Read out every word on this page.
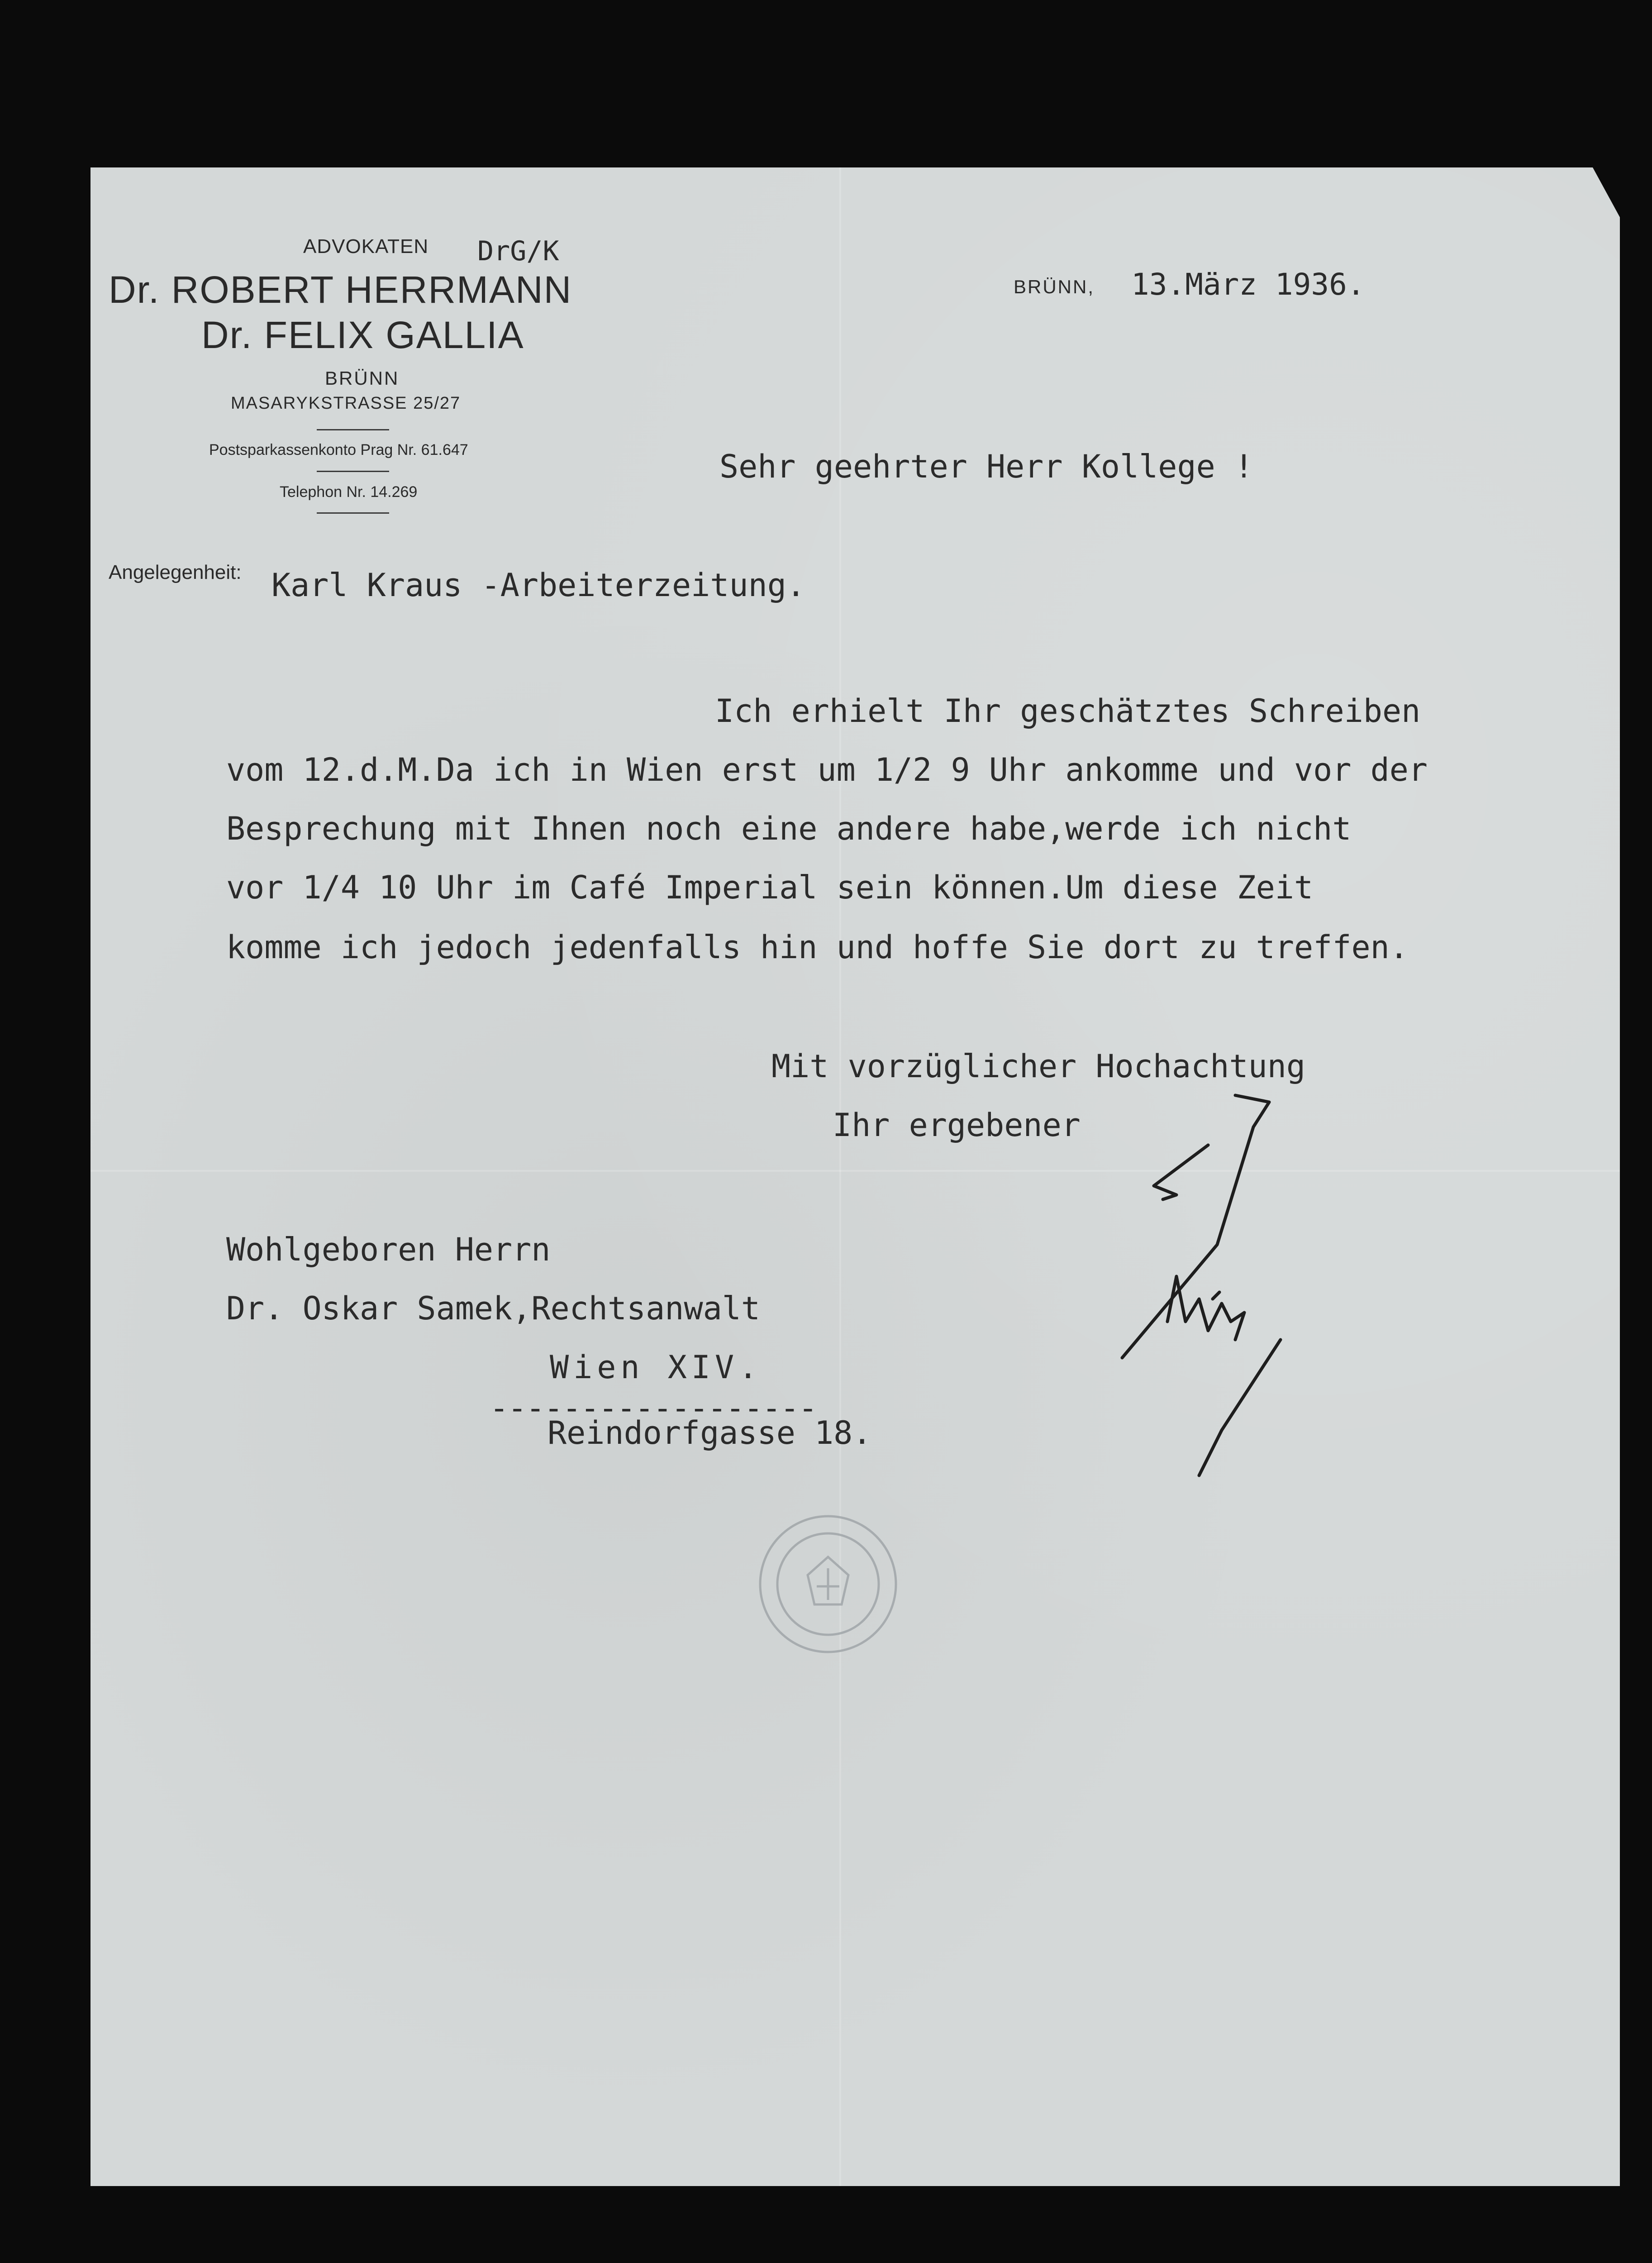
ADVOKATEN DrG/K
Dr. ROBERT HERRMANN
Dr. FELIX GALLIA
BRÜNN
MASARYKSTRASSE 25/27
Postsparkassenkonto Prag Nr. 61.647
Telephon Nr. 14.269
BRÜNN, 13.März 1936.
Sehr geehrter Herr Kollege !
Angelegenheit: Karl Kraus -Arbeiterzeitung.
Ich erhielt Ihr geschätztes Schreiben
vom 12.d.M.Da ich in Wien erst um 1/2 9 Uhr ankomme und vor der
Besprechung mit Ihnen noch eine andere habe,werde ich nicht
vor 1/4 10 Uhr im Café Imperial sein können.Um diese Zeit
komme ich jedoch jedenfalls hin und hoffe Sie dort zu treffen.
Mit vorzüglicher Hochachtung
Ihr ergebener
Wohlgeboren Herrn
Dr. Oskar Samek,Rechtsanwalt
Wien XIV.
------------------
Reindorfgasse 18.
